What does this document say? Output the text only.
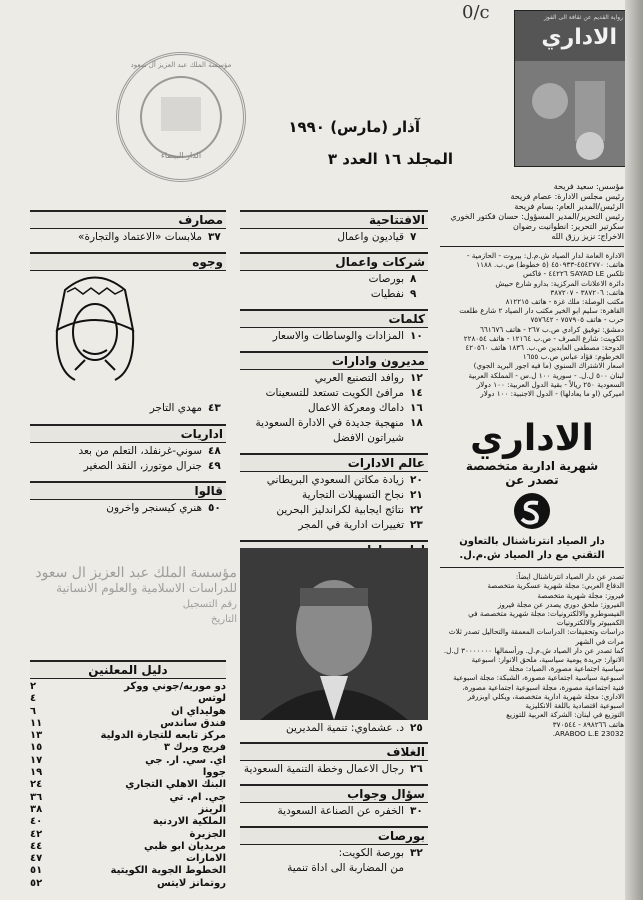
0/c
مؤسسة الملك عبد العزيز آل سعود
الدار البيضاء
آذار (مارس) ١٩٩٠
المجلد ١٦ العدد ٣
رواية القديم عن ثقافة الى الفوز
الاداري
الافتتاحية
٧
قياديون واعمال
شركات واعمال
٨
بورصات
٩
نفطيات
كلمات
١٠
المزادات والوساطات والاسعار
مديرون وادارات
١٢
روافد التصنيع العربي
١٤
مرافئ الكويت تستعد للتسعينات
١٦
داماك ومعركة الاعمال
١٨
منهجية جديدة في الادارة السعودية
شيراتون الافضل
عالم الادارات
٢٠
زيادة مكاتن السعودي البريطاني
٢١
نجاح التسهيلات التجارية
٢٢
نتائج ايجابية لكراندليز البحرين
٢٣
تغييرات ادارية في المجر
٢٥
د. عشماوي: تنمية المديرين
الغلاف
٢٦
رجال الاعمال وخطة التنمية السعودية
سؤال وجواب
٣٠
الخفره عن الصناعة السعودية
بورصات
٣٢
بورصة الكويت:
من المضاربة الى اداة تنمية
مصارف
٣٧
ملابسات «الاعتماد والتجارة»
وجوه
٤٣
مهدي التاجر
اداريات
٤٨
سوني-غرنفلد، التعلم من بعد
٤٩
جنرال موتورز، النقد الصغير
قالوا
٥٠
هنري كيسنجر واخرون
مؤسسة الملك عبد العزيز ال سعود
للدراسات الاسلامية والعلوم الانسانية
رقم التسجيل
التاريخ
دليل المعلنين
دو موريه/جوني ووكر
٢
لوتس
٤
هوليداي ان
٦
فندق ساندس
١١
مركز تابعه للتجارة الدولية
١٣
فريج وبرك ٣
١٥
اي. سي. ار. جي
١٧
جووا
١٩
البنك الاهلي التجاري
٢٤
جي. ام. تي
٣٦
الرينز
٣٨
الملكية الاردنية
٤٠
الجزيرة
٤٢
مريديان ابو ظبي
٤٤
الامارات
٤٧
الخطوط الجوية الكويتية
٥١
روتمانز لايتس
٥٢
مؤسس: سعيد فريحة
رئيس مجلس الادارة: عصام فريحة
الرئيس/المدير العام: بسام فريحة
رئيس التحرير/المدير المسؤول: حسان فكتور الخوري
سكرتير التحرير: انطوانيت رضوان
الاخراج: نزيز رزق الله
الادارة العامة لدار الصياد ش.م.ل: بيروت - الحازمية -
هاتف: ٤٥٤٢٧٧٠-٤٥٠٩٣٣ (٥ خطوط) ص.ب. ١١٨٨
تلكس SAYAD LE ٤٤٢٢٦ - فاكس
دائرة الاعلانات المركزية: بدارو شارع حبيش
هاتف: ٣٨٧٢٠٦ - ٣٨٧٢٠٧
مكتب الوصلة: ملك غزة - هاتف ٨١٢٢١٥
القاهرة: سليم ابو الخير مكتب دار الصياد ٢ شارع طلعت
حرب - هاتف ٧٥٧٩٠٥ - ٧٥٧٦٤٢
دمشق: توفيق كرادي ص.ب ٢٦٧ - هاتف ٦٦١٦٧٦
الكويت: شارع الصرف - ص.ب ١٢١٦٤ - هاتف ٢٢٨٠٥٤
الدوحة: مصطفى العابدين ص.ب. ١٨٣٦ هاتف ٤٢٠٥٦٠
الخرطوم: فؤاد عباس ص.ب ١٦٥٥
اسعار الاشتراك السنوي (ما فيه اجور البريد الجوي)
لبنان ٥٠٠ ل.ل. - سورية ١٠٠ ل.س - المملكة العربية
السعودية ٢٥٠ ريالاً - بقية الدول العربية: ١٠٠ دولار
اميركي (او ما يعادلها) - الدول الاجنبية: ١٠٠ دولار
الاداري
شهرية ادارية متخصصة
تصدر عن
دار الصياد انترناشنال بالتعاون
التقني مع دار الصياد ش.م.ل.
تصدر عن دار الصياد انترناشنال ايضاً:
الدفاع العربي: مجلة شهرية عسكرية متخصصة
فيروز: مجلة شهرية متخصصة
الفيروز: ملحق دوري يصدر عن مجلة فيروز
الفيسوطرو والالكترونيات: مجلة شهرية متخصصة في
الكمبيوتر والالكترونيات
دراسات وتحقيقات: الدراسات المعمقة والتحاليل تصدر ثلاث
مرات في الشهر
كما تصدر عن دار الصياد ش.م.ل. ورأسمالها ٣٠٠٠٠٠٠٠ ل.ل.
الانوار: جريدة يومية سياسية، ملحق الانوار: اسبوعية
سياسية اجتماعية مصورة، الصياد: مجلة
اسبوعية سياسية اجتماعية مصورة، الشبكة: مجلة اسبوعية
فنية اجتماعية مصورة، مجلة اسبوعية اجتماعية مصورة،
الاداري: مجلة شهرية ادارية متخصصة، ويكلي اوبزرفر
اسبوعية اقتصادية باللغة الانكليزية
التوزيع في لبنان: الشركة العربية للتوزيع
هاتف ٨٩٨٢٦٦ - ٣٧٠٥٤٤
23032 ARABOO L.E.
